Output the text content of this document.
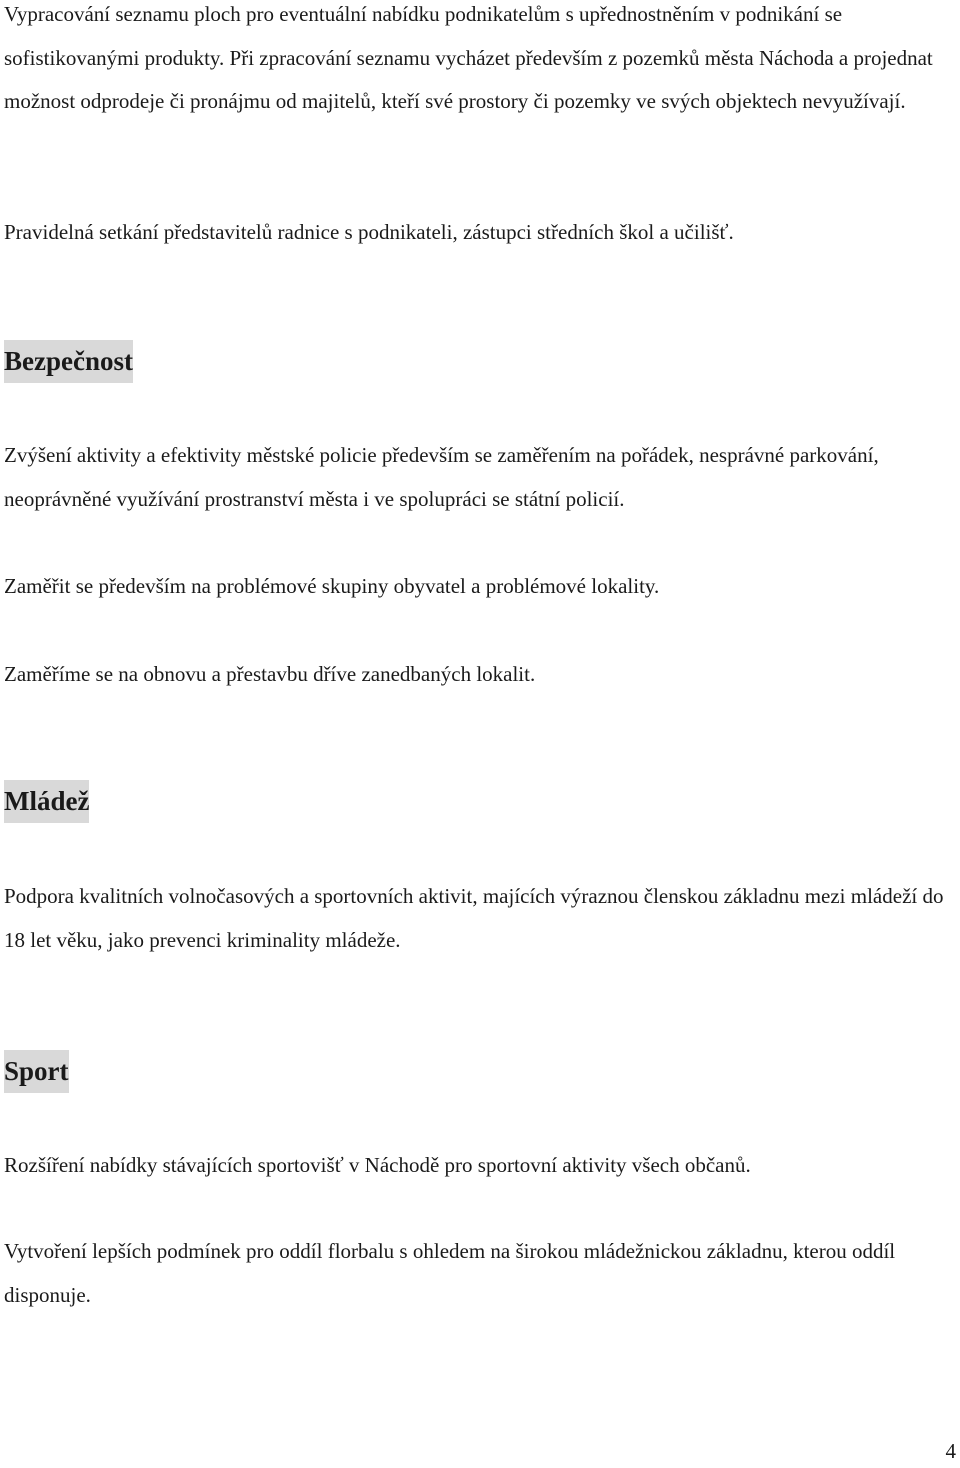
Vypracování seznamu ploch pro eventuální nabídku podnikatelům s upřednostněním v podnikání se sofistikovanými produkty. Při zpracování seznamu vycházet především z pozemků města Náchoda a projednat možnost odprodeje či pronájmu od majitelů, kteří své prostory či pozemky ve svých objektech nevyužívají.

Pravidelná setkání představitelů radnice s podnikateli, zástupci středních škol a učilišť.

Bezpečnost

Zvýšení aktivity a efektivity městské policie především se zaměřením na pořádek, nesprávné parkování, neoprávněné využívání prostranství města i ve spolupráci se státní policií.

Zaměřit se především na problémové skupiny obyvatel a problémové lokality.

Zaměříme se na obnovu a přestavbu dříve zanedbaných lokalit.

Mládež

Podpora kvalitních volnočasových a sportovních aktivit, majících výraznou členskou základnu mezi mládeží do 18 let věku, jako prevenci kriminality mládeže.

Sport

Rozšíření nabídky stávajících sportovišť v Náchodě pro sportovní aktivity všech občanů.

Vytvoření lepších podmínek pro oddíl florbalu s ohledem na širokou mládežnickou základnu, kterou oddíl disponuje.

4
